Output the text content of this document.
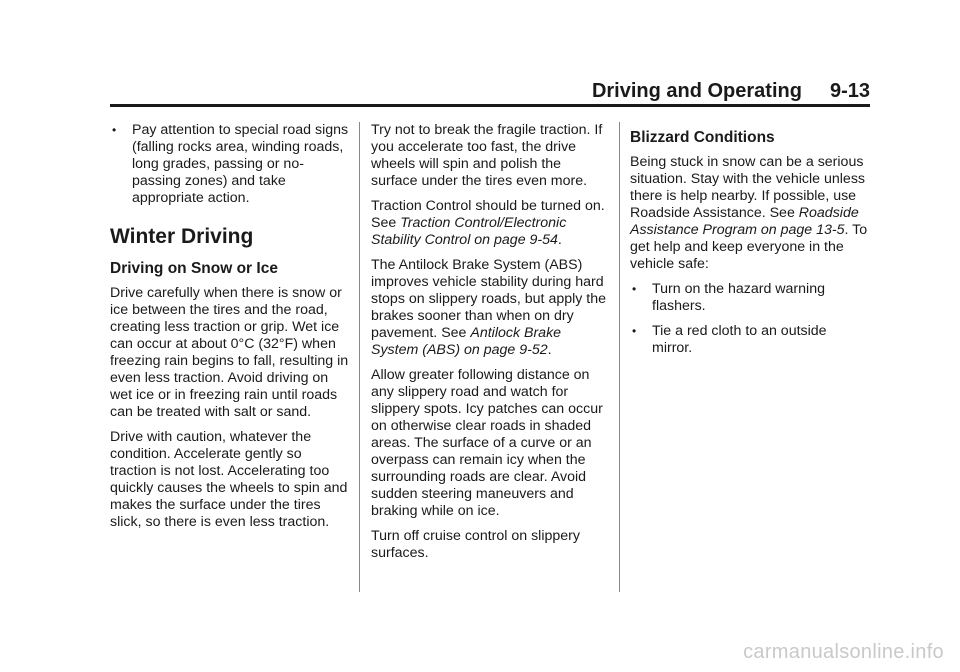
Driving and Operating 9-13
• Pay attention to special road signs (falling rocks area, winding roads, long grades, passing or no-passing zones) and take appropriate action.
Winter Driving
Driving on Snow or Ice

Drive carefully when there is snow or ice between the tires and the road, creating less traction or grip. Wet ice can occur at about 0°C (32°F) when freezing rain begins to fall, resulting in even less traction. Avoid driving on wet ice or in freezing rain until roads can be treated with salt or sand.

Drive with caution, whatever the condition. Accelerate gently so traction is not lost. Accelerating too quickly causes the wheels to spin and makes the surface under the tires slick, so there is even less traction.

Try not to break the fragile traction. If you accelerate too fast, the drive wheels will spin and polish the surface under the tires even more.

Traction Control should be turned on. See Traction Control/Electronic Stability Control on page 9-54.

The Antilock Brake System (ABS) improves vehicle stability during hard stops on slippery roads, but apply the brakes sooner than when on dry pavement. See Antilock Brake System (ABS) on page 9-52.

Allow greater following distance on any slippery road and watch for slippery spots. Icy patches can occur on otherwise clear roads in shaded areas. The surface of a curve or an overpass can remain icy when the surrounding roads are clear. Avoid sudden steering maneuvers and braking while on ice.

Turn off cruise control on slippery surfaces.

Blizzard Conditions

Being stuck in snow can be a serious situation. Stay with the vehicle unless there is help nearby. If possible, use Roadside Assistance. See Roadside Assistance Program on page 13-5. To get help and keep everyone in the vehicle safe:

• Turn on the hazard warning flashers.
• Tie a red cloth to an outside mirror.
carmanualsonline.info
